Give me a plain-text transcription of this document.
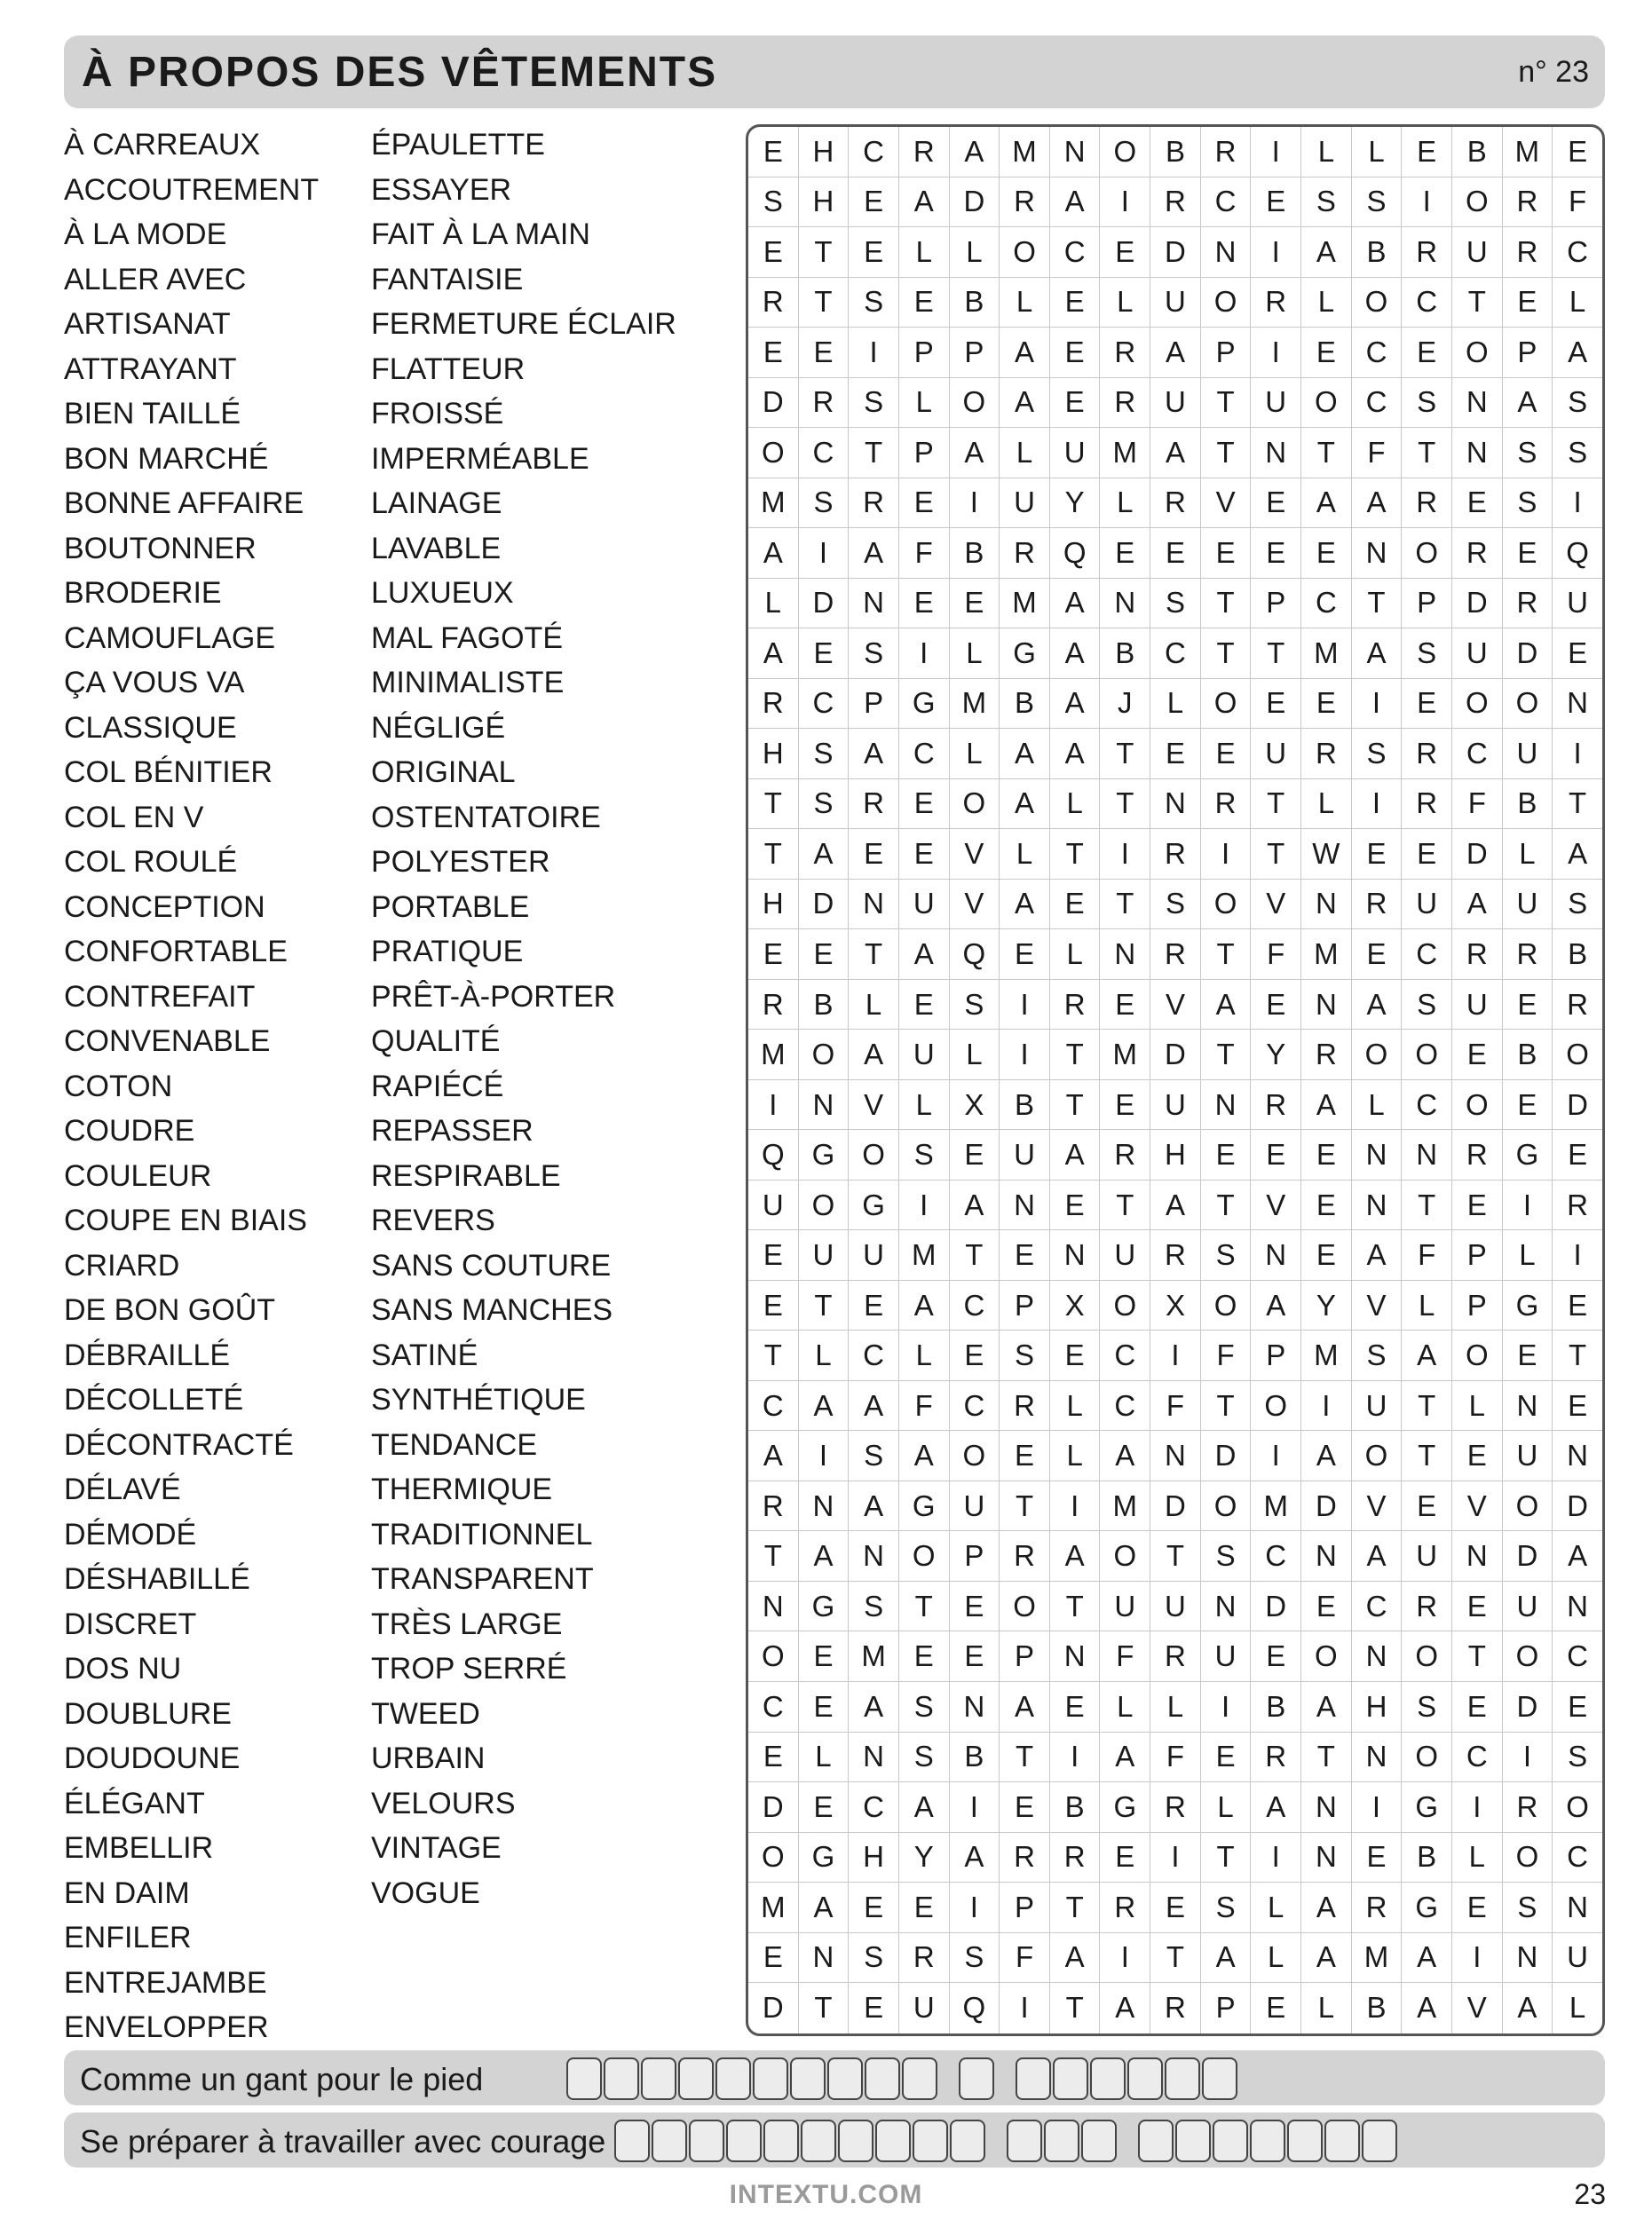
À PROPOS DES VÊTEMENTS	n° 23
À CARREAUX
ACCOUTREMENT
À LA MODE
ALLER AVEC
ARTISANAT
ATTRAYANT
BIEN TAILLÉ
BON MARCHÉ
BONNE AFFAIRE
BOUTONNER
BRODERIE
CAMOUFLAGE
ÇA VOUS VA
CLASSIQUE
COL BÉNITIER
COL EN V
COL ROULÉ
CONCEPTION
CONFORTABLE
CONTREFAIT
CONVENABLE
COTON
COUDRE
COULEUR
COUPE EN BIAIS
CRIARD
DE BON GOÛT
DÉBRAILLÉ
DÉCOLLETÉ
DÉCONTRACTÉ
DÉLAVÉ
DÉMODÉ
DÉSHABILLÉ
DISCRET
DOS NU
DOUBLURE
DOUDOUNE
ÉLÉGANT
EMBELLIR
EN DAIM
ENFILER
ENTREJAMBE
ENVELOPPER
ÉPAULETTE
ESSAYER
FAIT À LA MAIN
FANTAISIE
FERMETURE ÉCLAIR
FLATTEUR
FROISSÉ
IMPERMÉABLE
LAINAGE
LAVABLE
LUXUEUX
MAL FAGOTÉ
MINIMALISTE
NÉGLIGÉ
ORIGINAL
OSTENTATOIRE
POLYESTER
PORTABLE
PRATIQUE
PRÊT-À-PORTER
QUALITÉ
RAPIÉCÉ
REPASSER
RESPIRABLE
REVERS
SANS COUTURE
SANS MANCHES
SATINÉ
SYNTHÉTIQUE
TENDANCE
THERMIQUE
TRADITIONNEL
TRANSPARENT
TRÈS LARGE
TROP SERRÉ
TWEED
URBAIN
VELOURS
VINTAGE
VOGUE
E	H C R	A M N O B	R	I	L	L	E	B M E
S	H	E	A	D R	A	I	R C	E	S	S	I	O R	F
E	T	E	L	L	O C	E	D N	I	A	B	R U R C
R	T	S	E	B	L	E	L	U O R	L	O C	T	E	L
E	E	I	P	P	A	E	R	A	P	I	E	C	E O P	A
D R	S	L	O A	E	R U	T	U O C	S	N	A	S
O C	T	P	A	L	U M A	T	N	T	F	T	N	S	S
M S	R	E	I	U	Y	L	R	V	E	A	A	R	E	S	I
A	I	A	F	B	R Q E	E	E	E	E	N O R	E Q
L	D N	E	E M A	N	S	T	P	C	T	P	D R U
A	E	S	I	L	G A	B	C	T	T M A	S	U D	E
R C	P G M B	A	J	L	O E	E	I	E O O N
H	S	A	C	L	A	A	T	E	E	U R	S	R C U	I
T	S	R	E O A	L	T	N R	T	L	I	R	F	B	T
T	A	E	E	V	L	T	I	R	I	T W E	E	D	L	A
H D N U	V	A	E	T	S O V	N R U	A	U	S
E	E	T	A Q E	L	N R	T	F M E	C R R	B
R	B	L	E	S	I	R	E	V	A	E	N	A	S	U	E	R
M O A	U	L	I	T M D	T	Y	R O O E	B O
I	N	V	L	X	B	T	E	U N R	A	L	C O E	D
Q G O S	E	U	A	R H	E	E	E	N N R G E
U O G	I	A	N	E	T	A	T	V	E	N	T	E	I	R
E	U U M T	E	N U R	S	N	E	A	F	P	L	I
E	T	E	A	C	P	X O X O A	Y	V	L	P G E
T	L	C	L	E	S	E	C	I	F	P M S	A O E	T
C	A	A	F	C R	L	C	F	T	O	I	U	T	L	N	E
A	I	S	A O E	L	A	N D	I	A O	T	E	U N
R N	A G U	T	I	M D O M D	V	E	V O D
T	A	N O P	R	A O	T	S	C N	A	U N D	A
N G S	T	E O	T	U U N D	E	C R	E	U N
O E M E	E	P	N	F	R U	E O N O	T	O C
C	E	A	S	N	A	E	L	L	I	B	A	H	S	E	D	E
E	L	N	S	B	T	I	A	F	E	R	T	N O C	I	S
D	E	C	A	I	E	B G R	L	A	N	I	G	I	R O
O G H	Y	A	R R	E	I	T	I	N	E	B	L	O C
M A	E	E	I	P	T	R	E	S	L	A	R G E	S	N
E	N	S	R	S	F	A	I	T	A	L	A M A	I	N U
D	T	E	U Q	I	T	A	R	P	E	L	B	A	V	A	L
Comme un gant pour le pied
Se préparer à travailler avec courage
INTEXTU.COM	23
